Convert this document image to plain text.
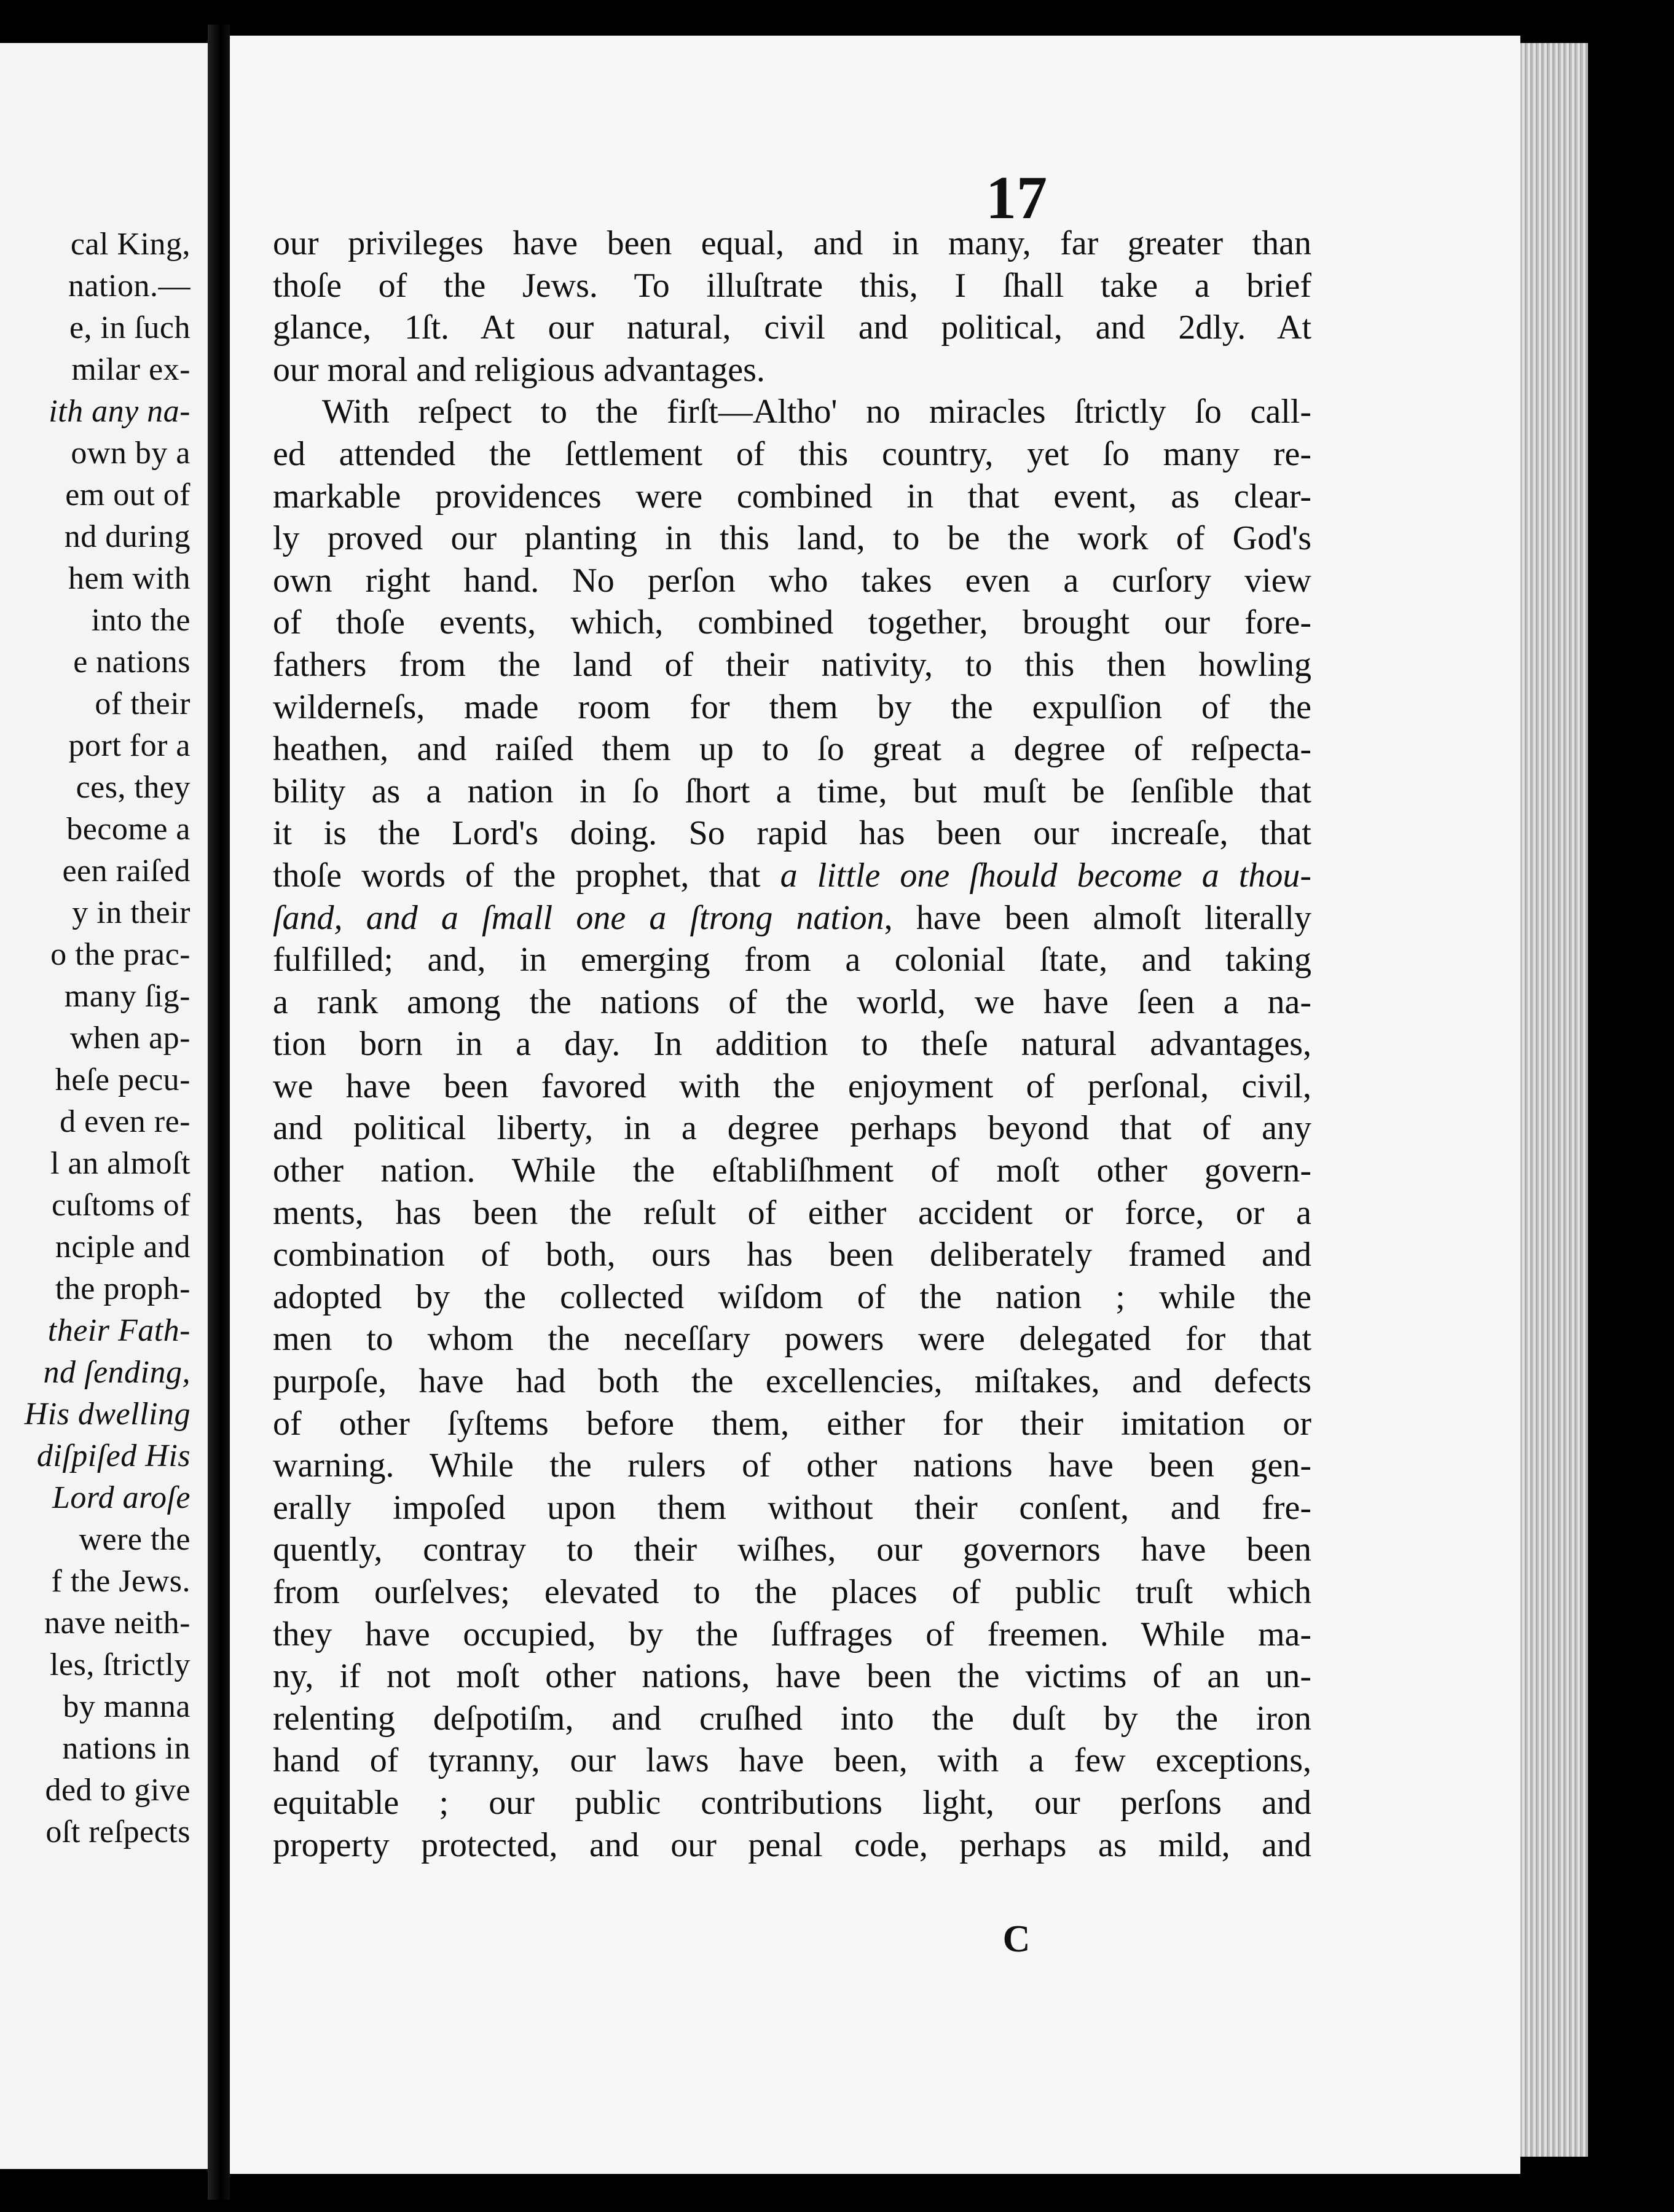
cal King,
nation.—
e, in ſuch
milar ex-
ith any na-
own by a
em out of
nd during
hem with
into the
e nations
of their
port for a
ces, they
become a
een raiſed
y in their
o the prac-
many ſig-
when ap-
heſe pecu-
d even re-
l an almoſt
cuſtoms of
nciple and
the proph-
their Fath-
nd ſending,
His dwelling
diſpiſed His
Lord aroſe
were the
f the Jews.
nave neith-
les, ſtrictly
by manna
nations in
ded to give
oſt reſpects
17
C
our privileges have been equal, and in many, far greater than
thoſe of the Jews. To illuſtrate this, I ſhall take a brief
glance, 1ſt. At our natural, civil and political, and 2dly. At
our moral and religious advantages.
With reſpect to the firſt—Altho' no miracles ſtrictly ſo call-
ed attended the ſettlement of this country, yet ſo many re-
markable providences were combined in that event, as clear-
ly proved our planting in this land, to be the work of God's
own right hand. No perſon who takes even a curſory view
of thoſe events, which, combined together, brought our fore-
fathers from the land of their nativity, to this then howling
wilderneſs, made room for them by the expulſion of the
heathen, and raiſed them up to ſo great a degree of reſpecta-
bility as a nation in ſo ſhort a time, but muſt be ſenſible that
it is the Lord's doing. So rapid has been our increaſe, that
thoſe words of the prophet, that a little one ſhould become a thou-
ſand, and a ſmall one a ſtrong nation, have been almoſt literally
fulfilled; and, in emerging from a colonial ſtate, and taking
a rank among the nations of the world, we have ſeen a na-
tion born in a day. In addition to theſe natural advantages,
we have been favored with the enjoyment of perſonal, civil,
and political liberty, in a degree perhaps beyond that of any
other nation. While the eſtabliſhment of moſt other govern-
ments, has been the reſult of either accident or force, or a
combination of both, ours has been deliberately framed and
adopted by the collected wiſdom of the nation ; while the
men to whom the neceſſary powers were delegated for that
purpoſe, have had both the excellencies, miſtakes, and defects
of other ſyſtems before them, either for their imitation or
warning. While the rulers of other nations have been gen-
erally impoſed upon them without their conſent, and fre-
quently, contray to their wiſhes, our governors have been
from ourſelves; elevated to the places of public truſt which
they have occupied, by the ſuffrages of freemen. While ma-
ny, if not moſt other nations, have been the victims of an un-
relenting deſpotiſm, and cruſhed into the duſt by the iron
hand of tyranny, our laws have been, with a few exceptions,
equitable ; our public contributions light, our perſons and
property protected, and our penal code, perhaps as mild, and
